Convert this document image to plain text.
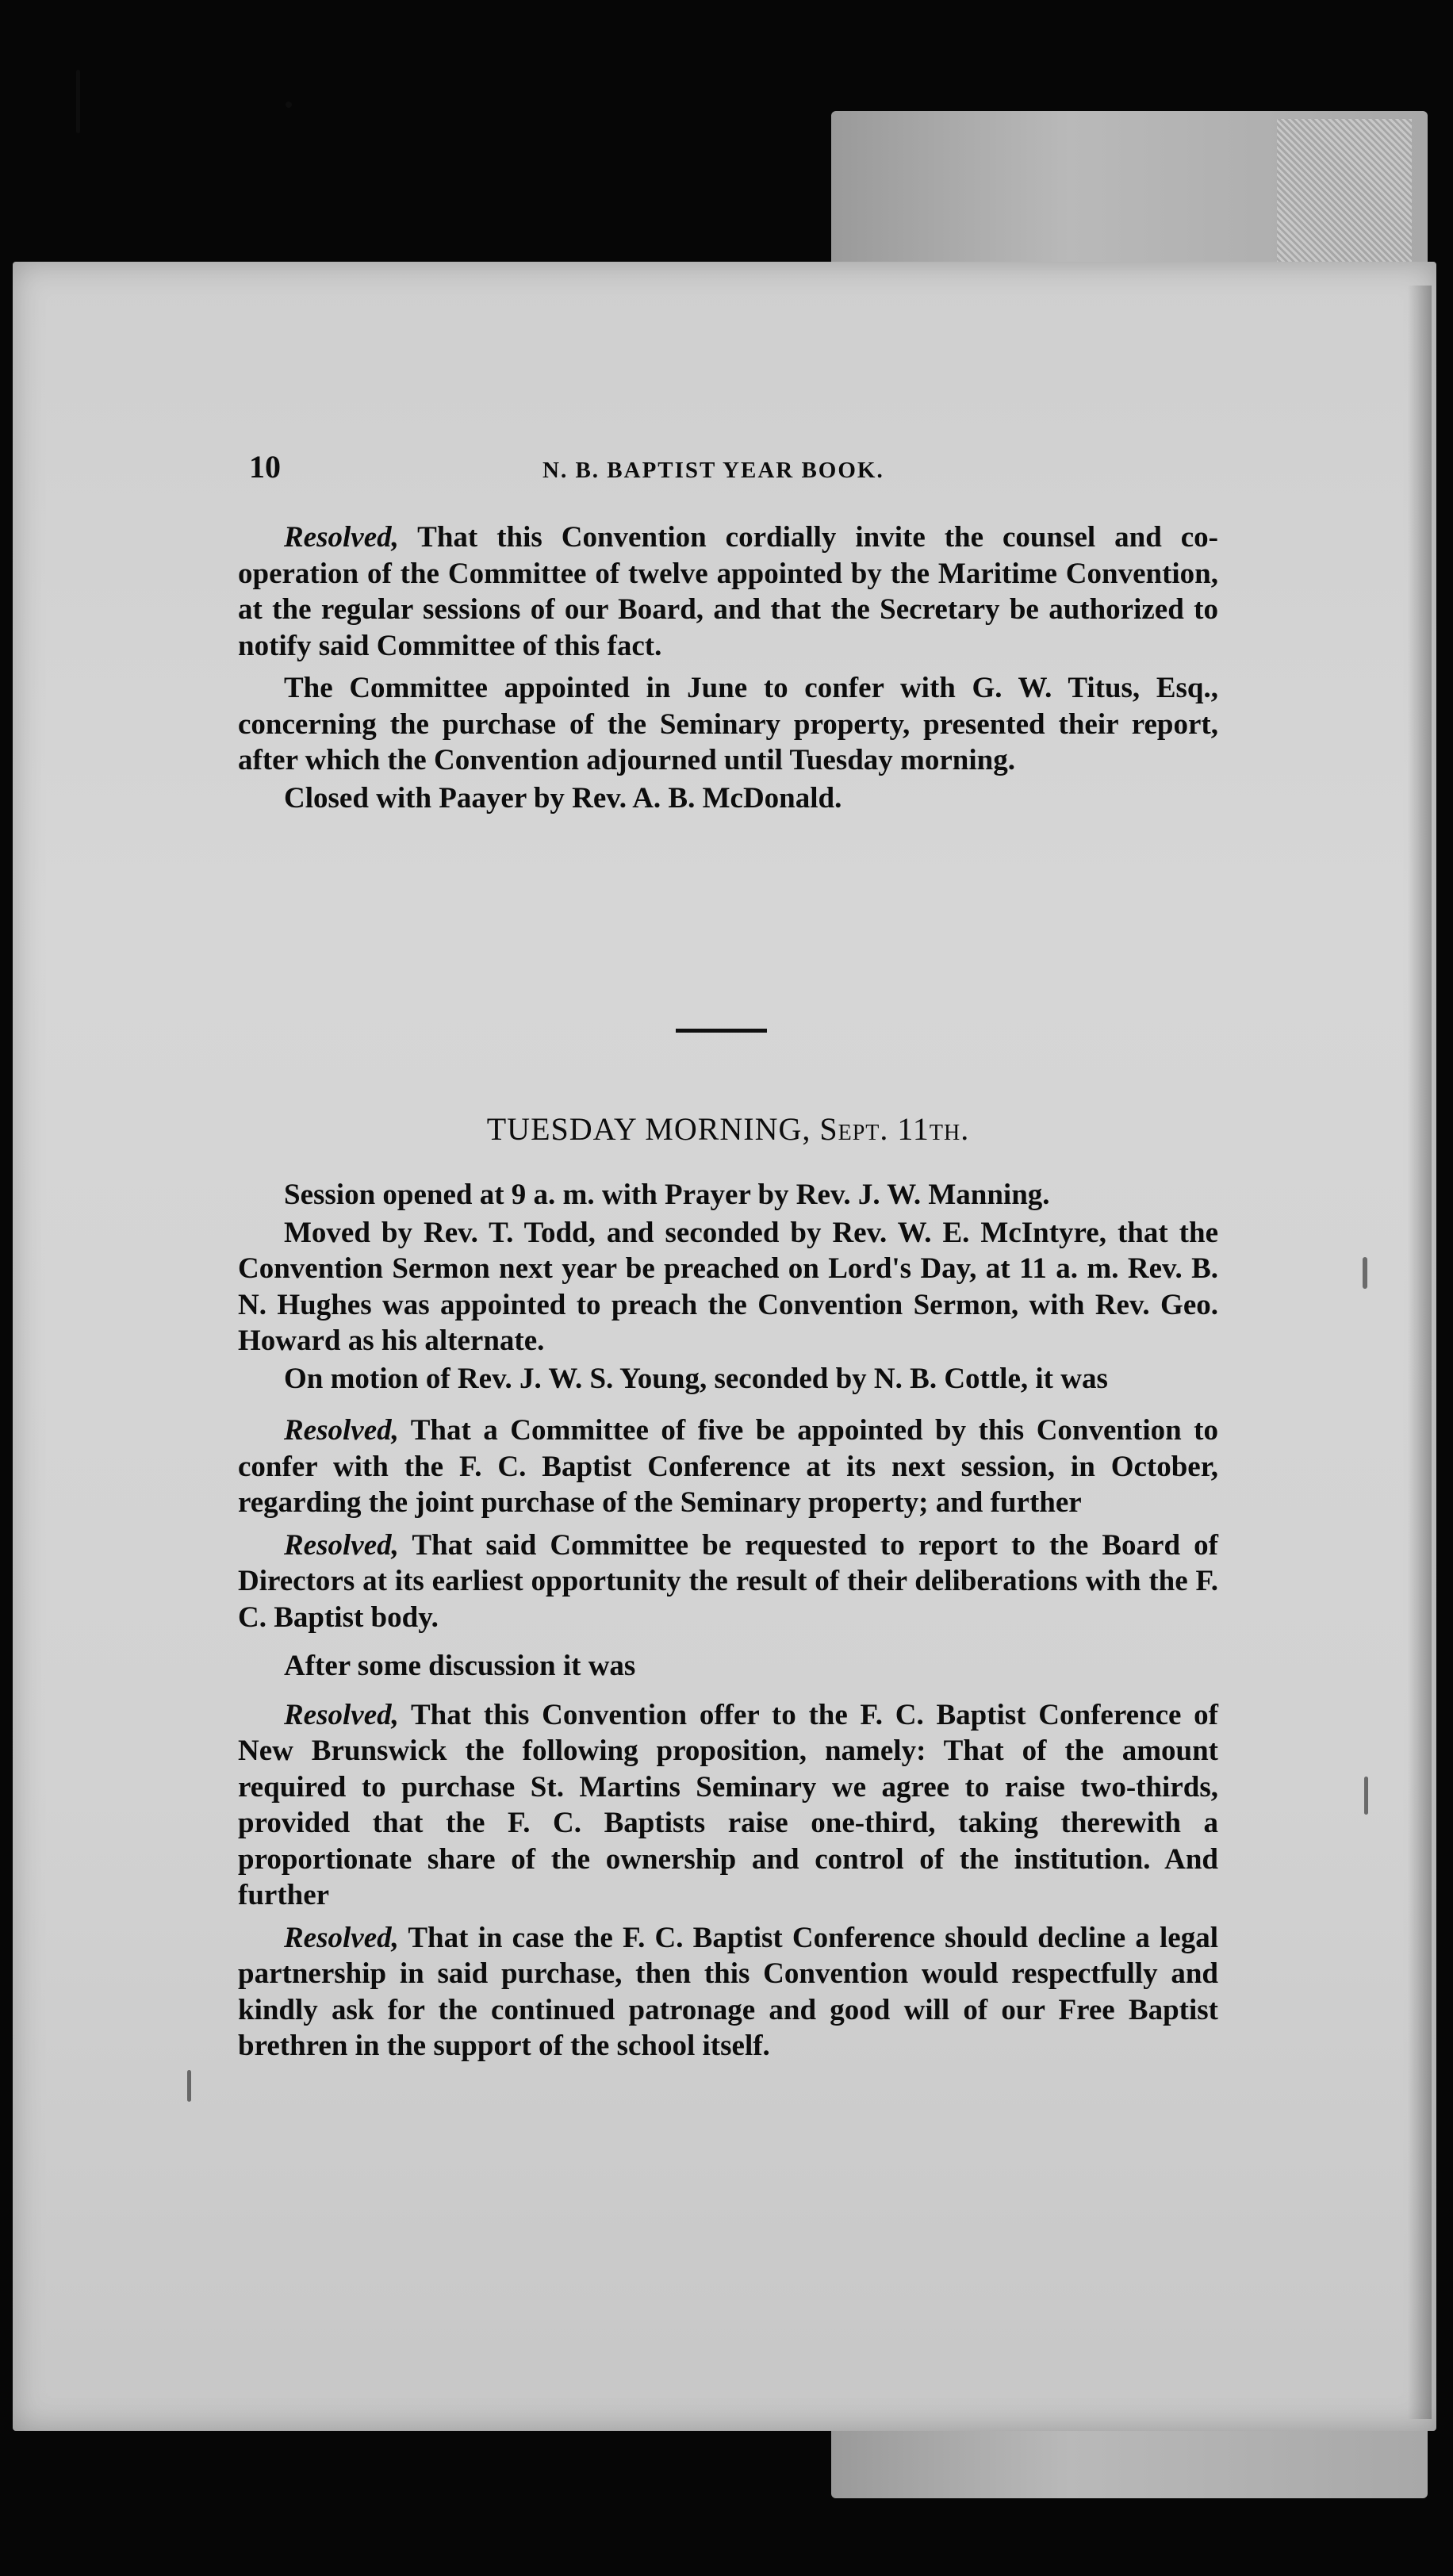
10	N. B. BAPTIST YEAR BOOK.

Resolved, That this Convention cordially invite the counsel and co-operation of the Committee of twelve appointed by the Maritime Convention, at the regular sessions of our Board, and that the Secretary be authorized to notify said Committee of this fact.

The Committee appointed in June to confer with G. W. Titus, Esq., concerning the purchase of the Seminary property, presented their report, after which the Convention adjourned until Tuesday morning.

Closed with Paayer by Rev. A. B. McDonald.

TUESDAY MORNING, Sept. 11th.

Session opened at 9 a. m. with Prayer by Rev. J. W. Manning.

Moved by Rev. T. Todd, and seconded by Rev. W. E. McIntyre, that the Convention Sermon next year be preached on Lord's Day, at 11 a. m. Rev. B. N. Hughes was appointed to preach the Convention Sermon, with Rev. Geo. Howard as his alternate.

On motion of Rev. J. W. S. Young, seconded by N. B. Cottle, it was

Resolved, That a Committee of five be appointed by this Convention to confer with the F. C. Baptist Conference at its next session, in October, regarding the joint purchase of the Seminary property; and further

Resolved, That said Committee be requested to report to the Board of Directors at its earliest opportunity the result of their deliberations with the F. C. Baptist body.

After some discussion it was

Resolved, That this Convention offer to the F. C. Baptist Conference of New Brunswick the following proposition, namely: That of the amount required to purchase St. Martins Seminary we agree to raise two-thirds, provided that the F. C. Baptists raise one-third, taking therewith a proportionate share of the ownership and control of the institution. And further

Resolved, That in case the F. C. Baptist Conference should decline a legal partnership in said purchase, then this Convention would respectfully and kindly ask for the continued patronage and good will of our Free Baptist brethren in the support of the school itself.
